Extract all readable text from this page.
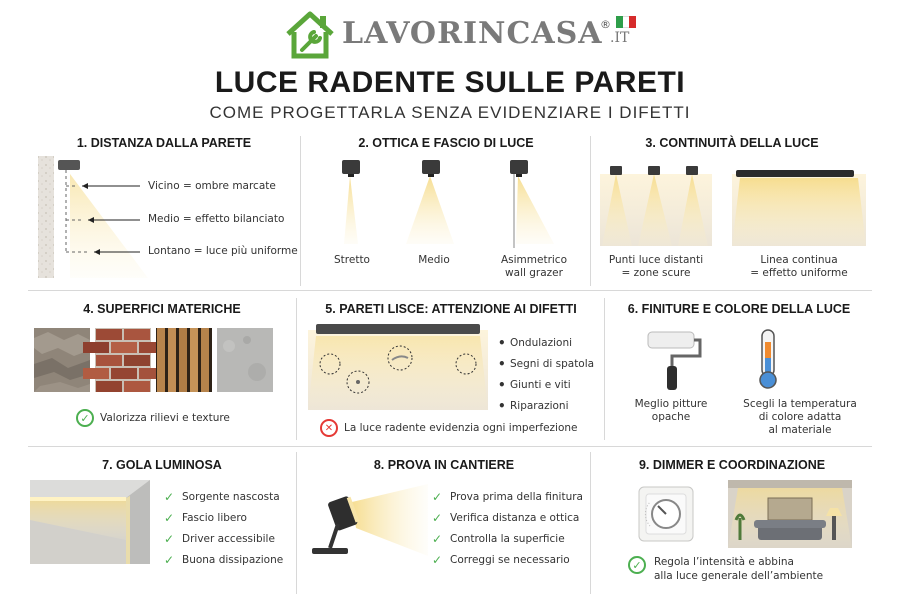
LAVORINCASA
®
.IT
LUCE RADENTE SULLE PARETI
COME PROGETTARLA SENZA EVIDENZIARE I DIFETTI
1. DISTANZA DALLA PARETE
Vicino = ombre marcate
Medio = effetto bilanciato
Lontano = luce più uniforme
2. OTTICA E FASCIO DI LUCE
Stretto	Medio	Asimmetrico
wall grazer
3. CONTINUITÀ DELLA LUCE
Punti luce distanti
= zone scure
Linea continua
= effetto uniforme
4. SUPERFICI MATERICHE
✓ Valorizza rilievi e texture
5. PARETI LISCE: ATTENZIONE AI DIFETTI
• Ondulazioni
• Segni di spatola
• Giunti e viti
• Riparazioni
✕	La luce radente evidenzia ogni imperfezione
6. FINITURE E COLORE DELLA LUCE
Meglio pitture
opache
Scegli la temperatura
di colore adatta
al materiale
7. GOLA LUMINOSA
✓ Sorgente nascosta
✓ Fascio libero
✓ Driver accessibile
✓ Buona dissipazione
8. PROVA IN CANTIERE
✓ Prova prima della finitura
✓ Verifica distanza e ottica
✓ Controlla la superficie
✓ Correggi se necessario
9. DIMMER E COORDINAZIONE
✓	Regola l’intensità e abbina
alla luce generale dell’ambiente
